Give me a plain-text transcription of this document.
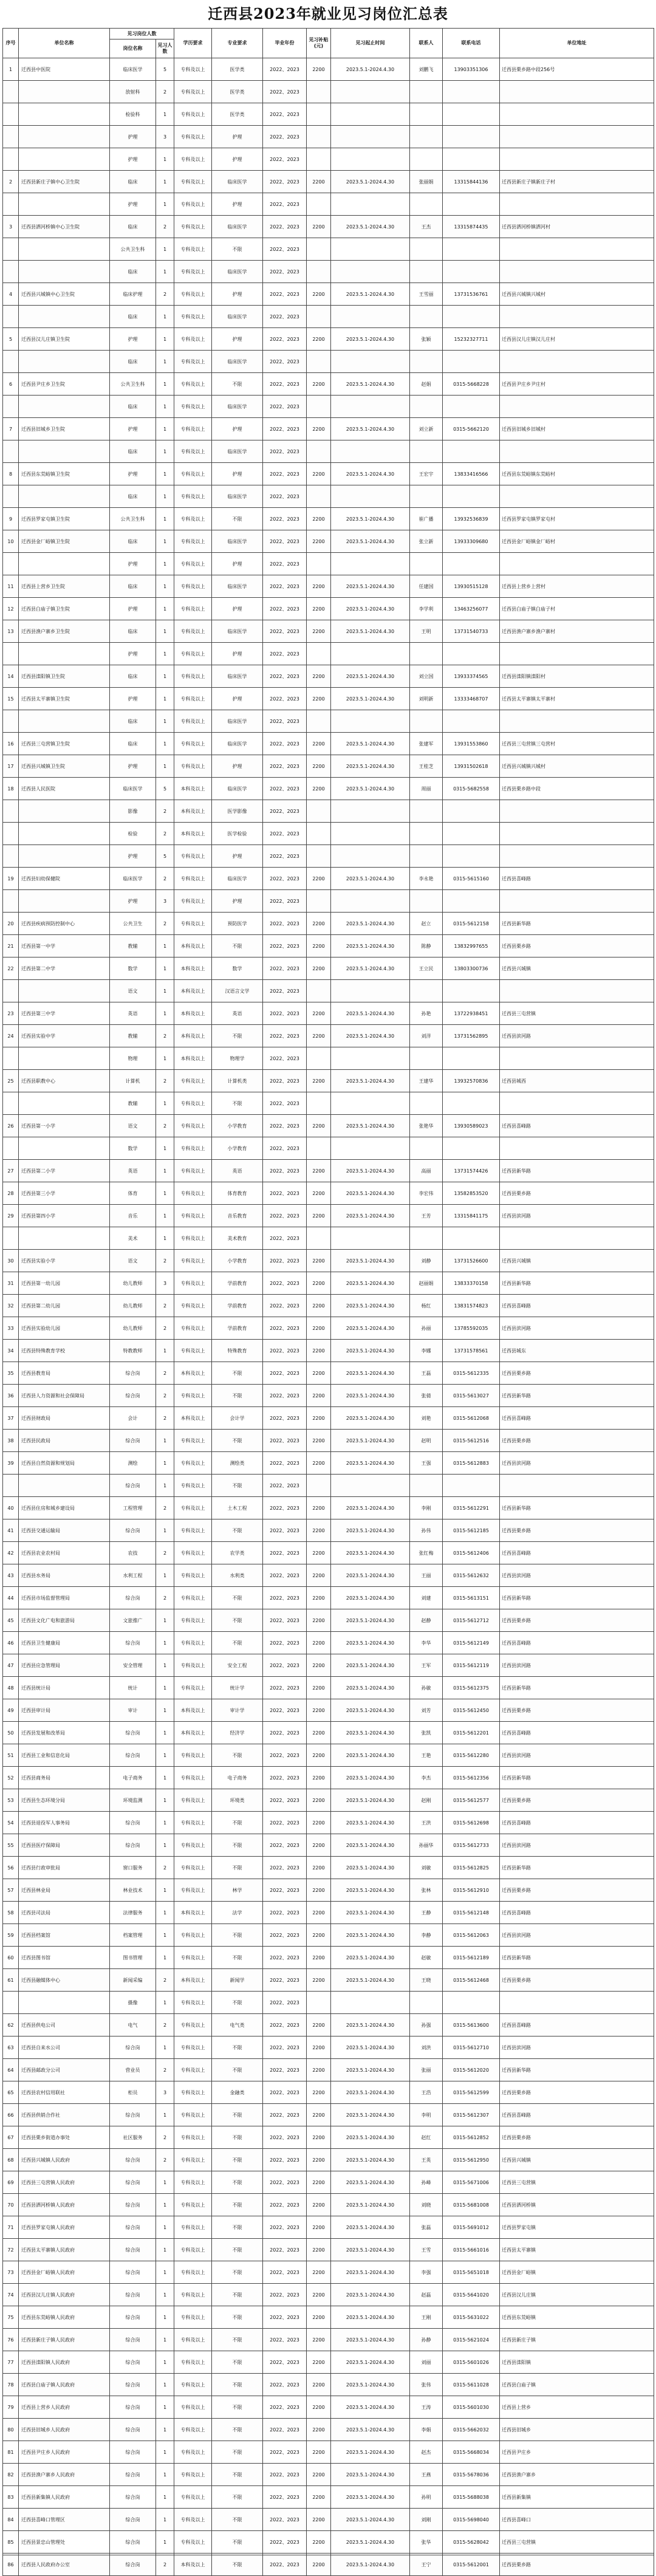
迁西县2023年就业见习岗位汇总表
序号	单位名称	见习岗位人数		学历要求	专业要求	毕业年份	见习补贴(元)	见习起止时间	联系人	联系电话	单位地址
		岗位名称	见习人数								
1	迁西县中医院	临床医学	5	专科及以上	医学类	2022、2023	2200	2023.5.1-2024.4.30	刘鹏飞	13903351306	迁西县栗乡路中段256号
		放射科	2	专科及以上	医学类	2022、2023					
		检验科	1	专科及以上	医学类	2022、2023					
		护理	3	专科及以上	护理	2022、2023					
		护理	1	专科及以上	护理	2022、2023					
2	迁西县新庄子镇中心卫生院	临床	1	专科及以上	临床医学	2022、2023	2200	2023.5.1-2024.4.30	张丽娟	13315844136	迁西县新庄子镇新庄子村
		护理	1	专科及以上	护理	2022、2023					
3	迁西县洒河桥镇中心卫生院	临床	2	专科及以上	临床医学	2022、2023	2200	2023.5.1-2024.4.30	王杰	13315874435	迁西县洒河桥镇洒河村
		公共卫生科	1	专科及以上	不限	2022、2023					
		临床	1	专科及以上	临床医学	2022、2023					
4	迁西县兴城镇中心卫生院	临床护理	2	专科及以上	护理	2022、2023	2200	2023.5.1-2024.4.30	王雪丽	13731536761	迁西县兴城镇兴城村
		临床	1	专科及以上	临床医学	2022、2023					
5	迁西县汉儿庄镇卫生院	护理	1	专科及以上	护理	2022、2023	2200	2023.5.1-2024.4.30	张颖	15232327711	迁西县汉儿庄镇汉儿庄村
		临床	1	专科及以上	临床医学	2022、2023					
6	迁西县尹庄乡卫生院	公共卫生科	1	专科及以上	不限	2022、2023	2200	2023.5.1-2024.4.30	赵娟	0315-5668228	迁西县尹庄乡尹庄村
		临床	1	专科及以上	临床医学	2022、2023					
7	迁西县旧城乡卫生院	护理	1	专科及以上	护理	2022、2023	2200	2023.5.1-2024.4.30	刘立新	0315-5662120	迁西县旧城乡旧城村
		临床	1	专科及以上	临床医学	2022、2023					
8	迁西县东荒峪镇卫生院	护理	1	专科及以上	护理	2022、2023	2200	2023.5.1-2024.4.30	王宏宇	13833416566	迁西县东荒峪镇东荒峪村
		临床	1	专科及以上	临床医学	2022、2023					
9	迁西县罗家屯镇卫生院	公共卫生科	1	专科及以上	不限	2022、2023	2200	2023.5.1-2024.4.30	崔广播	13932536839	迁西县罗家屯镇罗家屯村
10	迁西县金厂峪镇卫生院	临床	1	专科及以上	临床医学	2022、2023	2200	2023.5.1-2024.4.30	张立新	13933309680	迁西县金厂峪镇金厂峪村
		护理	1	专科及以上	护理	2022、2023					
11	迁西县上营乡卫生院	临床	1	专科及以上	临床医学	2022、2023	2200	2023.5.1-2024.4.30	任建国	13930515128	迁西县上营乡上营村
12	迁西县白庙子镇卫生院	护理	1	专科及以上	护理	2022、2023	2200	2023.5.1-2024.4.30	李学利	13463256077	迁西县白庙子镇白庙子村
13	迁西县渔户寨乡卫生院	临床	1	专科及以上	临床医学	2022、2023	2200	2023.5.1-2024.4.30	王明	13731540733	迁西县渔户寨乡渔户寨村
		护理	1	专科及以上	护理	2022、2023					
14	迁西县滦阳镇卫生院	临床	1	专科及以上	临床医学	2022、2023	2200	2023.5.1-2024.4.30	刘立国	13933374565	迁西县滦阳镇滦阳村
15	迁西县太平寨镇卫生院	护理	1	专科及以上	护理	2022、2023	2200	2023.5.1-2024.4.30	刘明新	13333468707	迁西县太平寨镇太平寨村
		临床	1	专科及以上	临床医学	2022、2023					
16	迁西县三屯营镇卫生院	临床	1	专科及以上	临床医学	2022、2023	2200	2023.5.1-2024.4.30	张建军	13931553860	迁西县三屯营镇三屯营村
17	迁西县兴城镇卫生院	护理	1	专科及以上	护理	2022、2023	2200	2023.5.1-2024.4.30	王桂芝	13931502618	迁西县兴城镇兴城村
18	迁西县人民医院	临床医学	5	本科及以上	临床医学	2022、2023	2200	2023.5.1-2024.4.30	周丽	0315-5682558	迁西县栗乡路中段
		影像	2	本科及以上	医学影像	2022、2023					
		检验	2	本科及以上	医学检验	2022、2023					
		护理	5	专科及以上	护理	2022、2023					
19	迁西县妇幼保健院	临床医学	2	专科及以上	临床医学	2022、2023	2200	2023.5.1-2024.4.30	李永艳	0315-5615160	迁西县喜峰路
		护理	3	专科及以上	护理	2022、2023					
20	迁西县疾病预防控制中心	公共卫生	2	专科及以上	预防医学	2022、2023	2200	2023.5.1-2024.4.30	赵立	0315-5612158	迁西县新华路
21	迁西县第一中学	教辅	1	本科及以上	不限	2022、2023	2200	2023.5.1-2024.4.30	陈静	13832997655	迁西县栗乡路
22	迁西县第二中学	数学	1	本科及以上	数学	2022、2023	2200	2023.5.1-2024.4.30	王立民	13803300736	迁西县兴城镇
		语文	1	本科及以上	汉语言文学	2022、2023					
23	迁西县第三中学	英语	1	本科及以上	英语	2022、2023	2200	2023.5.1-2024.4.30	孙艳	13722938451	迁西县三屯营镇
24	迁西县实验中学	教辅	2	本科及以上	不限	2022、2023	2200	2023.5.1-2024.4.30	刘洋	13731562895	迁西县滨河路
		物理	1	本科及以上	物理学	2022、2023					
25	迁西县职教中心	计算机	2	专科及以上	计算机类	2022、2023	2200	2023.5.1-2024.4.30	王建华	13932570836	迁西县城西
		教辅	1	专科及以上	不限	2022、2023					
26	迁西县第一小学	语文	2	专科及以上	小学教育	2022、2023	2200	2023.5.1-2024.4.30	张艳华	13930589023	迁西县喜峰路
		数学	1	专科及以上	小学教育	2022、2023					
27	迁西县第二小学	英语	1	专科及以上	英语	2022、2023	2200	2023.5.1-2024.4.30	高丽	13731574426	迁西县新华路
28	迁西县第三小学	体育	1	专科及以上	体育教育	2022、2023	2200	2023.5.1-2024.4.30	李宏伟	13582853520	迁西县栗乡路
29	迁西县第四小学	音乐	1	专科及以上	音乐教育	2022、2023	2200	2023.5.1-2024.4.30	王芳	13315841175	迁西县滨河路
		美术	1	专科及以上	美术教育	2022、2023					
30	迁西县实验小学	语文	2	专科及以上	小学教育	2022、2023	2200	2023.5.1-2024.4.30	刘静	13731526600	迁西县兴城镇
31	迁西县第一幼儿园	幼儿教师	3	专科及以上	学前教育	2022、2023	2200	2023.5.1-2024.4.30	赵丽娟	13833370158	迁西县新华路
32	迁西县第二幼儿园	幼儿教师	2	专科及以上	学前教育	2022、2023	2200	2023.5.1-2024.4.30	杨红	13831574823	迁西县喜峰路
33	迁西县实验幼儿园	幼儿教师	2	专科及以上	学前教育	2022、2023	2200	2023.5.1-2024.4.30	孙丽	13785592035	迁西县滨河路
34	迁西县特殊教育学校	特教教师	1	专科及以上	特殊教育	2022、2023	2200	2023.5.1-2024.4.30	李娜	13731578561	迁西县城东
35	迁西县教育局	综合岗	2	本科及以上	不限	2022、2023	2200	2023.5.1-2024.4.30	王磊	0315-5612335	迁西县栗乡路
36	迁西县人力资源和社会保障局	综合岗	2	专科及以上	不限	2022、2023	2200	2023.5.1-2024.4.30	张倩	0315-5613027	迁西县新华路
37	迁西县财政局	会计	2	本科及以上	会计学	2022、2023	2200	2023.5.1-2024.4.30	刘艳	0315-5612068	迁西县喜峰路
38	迁西县民政局	综合岗	1	专科及以上	不限	2022、2023	2200	2023.5.1-2024.4.30	赵明	0315-5612516	迁西县栗乡路
39	迁西县自然资源和规划局	测绘	1	专科及以上	测绘类	2022、2023	2200	2023.5.1-2024.4.30	王强	0315-5612883	迁西县滨河路
		综合岗	1	专科及以上	不限	2022、2023					
40	迁西县住房和城乡建设局	工程管理	2	专科及以上	土木工程	2022、2023	2200	2023.5.1-2024.4.30	李刚	0315-5612291	迁西县新华路
41	迁西县交通运输局	综合岗	1	专科及以上	不限	2022、2023	2200	2023.5.1-2024.4.30	孙伟	0315-5612185	迁西县栗乡路
42	迁西县农业农村局	农技	2	专科及以上	农学类	2022、2023	2200	2023.5.1-2024.4.30	张红梅	0315-5612406	迁西县喜峰路
43	迁西县水务局	水利工程	1	专科及以上	水利类	2022、2023	2200	2023.5.1-2024.4.30	王丽	0315-5612632	迁西县滨河路
44	迁西县市场监督管理局	综合岗	2	专科及以上	不限	2022、2023	2200	2023.5.1-2024.4.30	刘建	0315-5613151	迁西县新华路
45	迁西县文化广电和旅游局	文旅推广	1	专科及以上	不限	2022、2023	2200	2023.5.1-2024.4.30	赵静	0315-5612712	迁西县栗乡路
46	迁西县卫生健康局	综合岗	1	专科及以上	不限	2022、2023	2200	2023.5.1-2024.4.30	李华	0315-5612149	迁西县喜峰路
47	迁西县应急管理局	安全管理	1	专科及以上	安全工程	2022、2023	2200	2023.5.1-2024.4.30	王军	0315-5612119	迁西县滨河路
48	迁西县统计局	统计	1	专科及以上	统计学	2022、2023	2200	2023.5.1-2024.4.30	孙敏	0315-5612375	迁西县新华路
49	迁西县审计局	审计	1	本科及以上	审计学	2022、2023	2200	2023.5.1-2024.4.30	刘芳	0315-5612450	迁西县栗乡路
50	迁西县发展和改革局	综合岗	1	本科及以上	经济学	2022、2023	2200	2023.5.1-2024.4.30	张凯	0315-5612201	迁西县喜峰路
51	迁西县工业和信息化局	综合岗	1	专科及以上	不限	2022、2023	2200	2023.5.1-2024.4.30	王艳	0315-5612280	迁西县滨河路
52	迁西县商务局	电子商务	1	专科及以上	电子商务	2022、2023	2200	2023.5.1-2024.4.30	李杰	0315-5612356	迁西县新华路
53	迁西县生态环境分局	环境监测	1	专科及以上	环境类	2022、2023	2200	2023.5.1-2024.4.30	赵刚	0315-5612577	迁西县栗乡路
54	迁西县退役军人事务局	综合岗	1	专科及以上	不限	2022、2023	2200	2023.5.1-2024.4.30	王洪	0315-5612698	迁西县喜峰路
55	迁西县医疗保障局	综合岗	1	专科及以上	不限	2022、2023	2200	2023.5.1-2024.4.30	孙丽华	0315-5612733	迁西县滨河路
56	迁西县行政审批局	窗口服务	2	专科及以上	不限	2022、2023	2200	2023.5.1-2024.4.30	刘敏	0315-5612825	迁西县新华路
57	迁西县林业局	林业技术	1	专科及以上	林学	2022、2023	2200	2023.5.1-2024.4.30	张林	0315-5612910	迁西县栗乡路
58	迁西县司法局	法律服务	1	本科及以上	法学	2022、2023	2200	2023.5.1-2024.4.30	王静	0315-5612148	迁西县喜峰路
59	迁西县档案馆	档案管理	1	专科及以上	不限	2022、2023	2200	2023.5.1-2024.4.30	李静	0315-5612063	迁西县滨河路
60	迁西县图书馆	图书管理	1	专科及以上	不限	2022、2023	2200	2023.5.1-2024.4.30	赵敏	0315-5612189	迁西县新华路
61	迁西县融媒体中心	新闻采编	2	本科及以上	新闻学	2022、2023	2200	2023.5.1-2024.4.30	王晓	0315-5612468	迁西县栗乡路
		摄像	1	专科及以上	不限	2022、2023					
62	迁西县供电公司	电气	2	专科及以上	电气类	2022、2023	2200	2023.5.1-2024.4.30	孙强	0315-5613600	迁西县喜峰路
63	迁西县自来水公司	综合岗	1	专科及以上	不限	2022、2023	2200	2023.5.1-2024.4.30	刘洪	0315-5612710	迁西县滨河路
64	迁西县邮政分公司	营业员	2	专科及以上	不限	2022、2023	2200	2023.5.1-2024.4.30	张丽	0315-5612020	迁西县新华路
65	迁西县农村信用联社	柜员	3	专科及以上	金融类	2022、2023	2200	2023.5.1-2024.4.30	王浩	0315-5612599	迁西县栗乡路
66	迁西县供销合作社	综合岗	1	专科及以上	不限	2022、2023	2200	2023.5.1-2024.4.30	李明	0315-5612307	迁西县喜峰路
67	迁西县栗乡街道办事处	社区服务	2	专科及以上	不限	2022、2023	2200	2023.5.1-2024.4.30	赵红	0315-5612852	迁西县栗乡路
68	迁西县兴城镇人民政府	综合岗	2	专科及以上	不限	2022、2023	2200	2023.5.1-2024.4.30	王英	0315-5612950	迁西县兴城镇
69	迁西县三屯营镇人民政府	综合岗	1	专科及以上	不限	2022、2023	2200	2023.5.1-2024.4.30	孙峰	0315-5671006	迁西县三屯营镇
70	迁西县洒河桥镇人民政府	综合岗	1	专科及以上	不限	2022、2023	2200	2023.5.1-2024.4.30	刘晓	0315-5681008	迁西县洒河桥镇
71	迁西县罗家屯镇人民政府	综合岗	1	专科及以上	不限	2022、2023	2200	2023.5.1-2024.4.30	张磊	0315-5691012	迁西县罗家屯镇
72	迁西县太平寨镇人民政府	综合岗	1	专科及以上	不限	2022、2023	2200	2023.5.1-2024.4.30	王雪	0315-5661016	迁西县太平寨镇
73	迁西县金厂峪镇人民政府	综合岗	1	专科及以上	不限	2022、2023	2200	2023.5.1-2024.4.30	李强	0315-5651018	迁西县金厂峪镇
74	迁西县汉儿庄镇人民政府	综合岗	1	专科及以上	不限	2022、2023	2200	2023.5.1-2024.4.30	赵磊	0315-5641020	迁西县汉儿庄镇
75	迁西县东荒峪镇人民政府	综合岗	1	专科及以上	不限	2022、2023	2200	2023.5.1-2024.4.30	王刚	0315-5631022	迁西县东荒峪镇
76	迁西县新庄子镇人民政府	综合岗	1	专科及以上	不限	2022、2023	2200	2023.5.1-2024.4.30	孙静	0315-5621024	迁西县新庄子镇
77	迁西县滦阳镇人民政府	综合岗	1	专科及以上	不限	2022、2023	2200	2023.5.1-2024.4.30	刘丽	0315-5601026	迁西县滦阳镇
78	迁西县白庙子镇人民政府	综合岗	1	专科及以上	不限	2022、2023	2200	2023.5.1-2024.4.30	张伟	0315-5611028	迁西县白庙子镇
79	迁西县上营乡人民政府	综合岗	1	专科及以上	不限	2022、2023	2200	2023.5.1-2024.4.30	王涛	0315-5601030	迁西县上营乡
80	迁西县旧城乡人民政府	综合岗	1	专科及以上	不限	2022、2023	2200	2023.5.1-2024.4.30	李娟	0315-5662032	迁西县旧城乡
81	迁西县尹庄乡人民政府	综合岗	1	专科及以上	不限	2022、2023	2200	2023.5.1-2024.4.30	赵杰	0315-5668034	迁西县尹庄乡
82	迁西县渔户寨乡人民政府	综合岗	1	专科及以上	不限	2022、2023	2200	2023.5.1-2024.4.30	王燕	0315-5678036	迁西县渔户寨乡
83	迁西县新集镇人民政府	综合岗	1	专科及以上	不限	2022、2023	2200	2023.5.1-2024.4.30	孙明	0315-5688038	迁西县新集镇
84	迁西县喜峰口管理区	综合岗	1	专科及以上	不限	2022、2023	2200	2023.5.1-2024.4.30	刘刚	0315-5698040	迁西县喜峰口
85	迁西县景忠山管理处	综合岗	1	专科及以上	不限	2022、2023	2200	2023.5.1-2024.4.30	张华	0315-5628042	迁西县三屯营镇
86	迁西县人民政府办公室	综合岗	2	本科及以上	不限	2022、2023	2200	2023.5.1-2024.4.30	王宁	0315-5612001	迁西县栗乡路
